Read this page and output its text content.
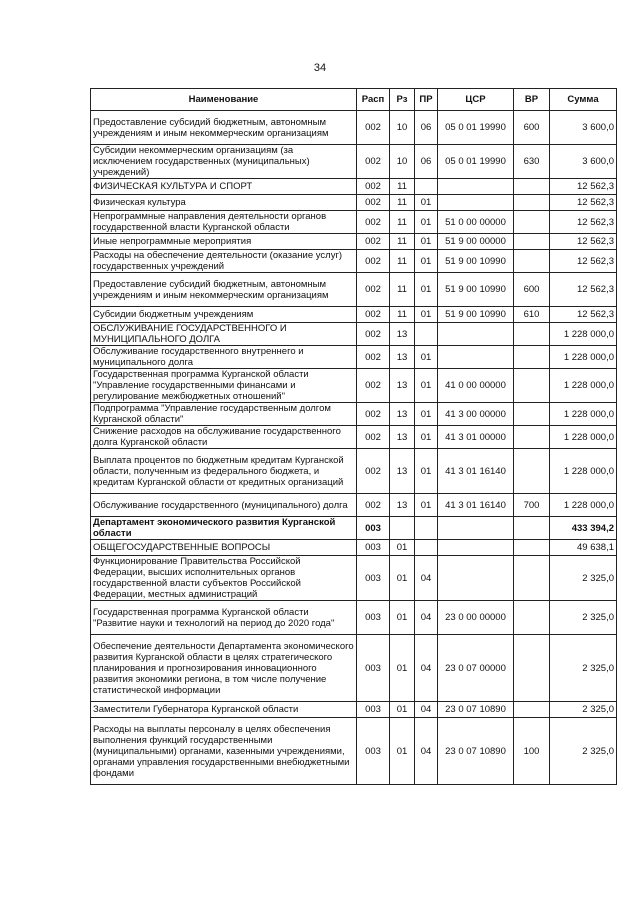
34
Наименование	Расп	Рз	ПР	ЦСР	ВР	Сумма
Предоставление субсидий бюджетным, автономным учреждениям и иным некоммерческим организациям	002	10	06	05 0 01 19990	600	3 600,0
Субсидии некоммерческим организациям (за исключением государственных (муниципальных) учреждений)	002	10	06	05 0 01 19990	630	3 600,0
ФИЗИЧЕСКАЯ КУЛЬТУРА И СПОРТ	002	11				12 562,3
Физическая культура	002	11	01			12 562,3
Непрограммные направления деятельности органов государственной власти Курганской области	002	11	01	51 0 00 00000		12 562,3
Иные непрограммные мероприятия	002	11	01	51 9 00 00000		12 562,3
Расходы на обеспечение деятельности (оказание услуг) государственных учреждений	002	11	01	51 9 00 10990		12 562,3
Предоставление субсидий бюджетным, автономным учреждениям и иным некоммерческим организациям	002	11	01	51 9 00 10990	600	12 562,3
Субсидии бюджетным учреждениям	002	11	01	51 9 00 10990	610	12 562,3
ОБСЛУЖИВАНИЕ ГОСУДАРСТВЕННОГО И МУНИЦИПАЛЬНОГО ДОЛГА	002	13				1 228 000,0
Обслуживание государственного внутреннего и муниципального долга	002	13	01			1 228 000,0
Государственная программа Курганской области "Управление государственными финансами и регулирование межбюджетных отношений"	002	13	01	41 0 00 00000		1 228 000,0
Подпрограмма "Управление государственным долгом Курганской области"	002	13	01	41 3 00 00000		1 228 000,0
Снижение расходов на обслуживание государственного долга Курганской области	002	13	01	41 3 01 00000		1 228 000,0
Выплата процентов по бюджетным кредитам Курганской области, полученным из федерального бюджета, и кредитам Курганской области от кредитных организаций	002	13	01	41 3 01 16140		1 228 000,0
Обслуживание государственного (муниципального) долга	002	13	01	41 3 01 16140	700	1 228 000,0
Департамент экономического развития Курганской области	003					433 394,2
ОБЩЕГОСУДАРСТВЕННЫЕ ВОПРОСЫ	003	01				49 638,1
Функционирование Правительства Российской Федерации, высших исполнительных органов государственной власти субъектов Российской Федерации, местных администраций	003	01	04			2 325,0
Государственная программа Курганской области "Развитие науки и технологий на период до 2020 года"	003	01	04	23 0 00 00000		2 325,0
Обеспечение деятельности Департамента экономического развития Курганской области в целях стратегического планирования и прогнозирования инновационного развития экономики региона, в том числе получение статистической информации	003	01	04	23 0 07 00000		2 325,0
Заместители Губернатора Курганской области	003	01	04	23 0 07 10890		2 325,0
Расходы на выплаты персоналу в целях обеспечения выполнения функций государственными (муниципальными) органами, казенными учреждениями, органами управления государственными внебюджетными фондами	003	01	04	23 0 07 10890	100	2 325,0
